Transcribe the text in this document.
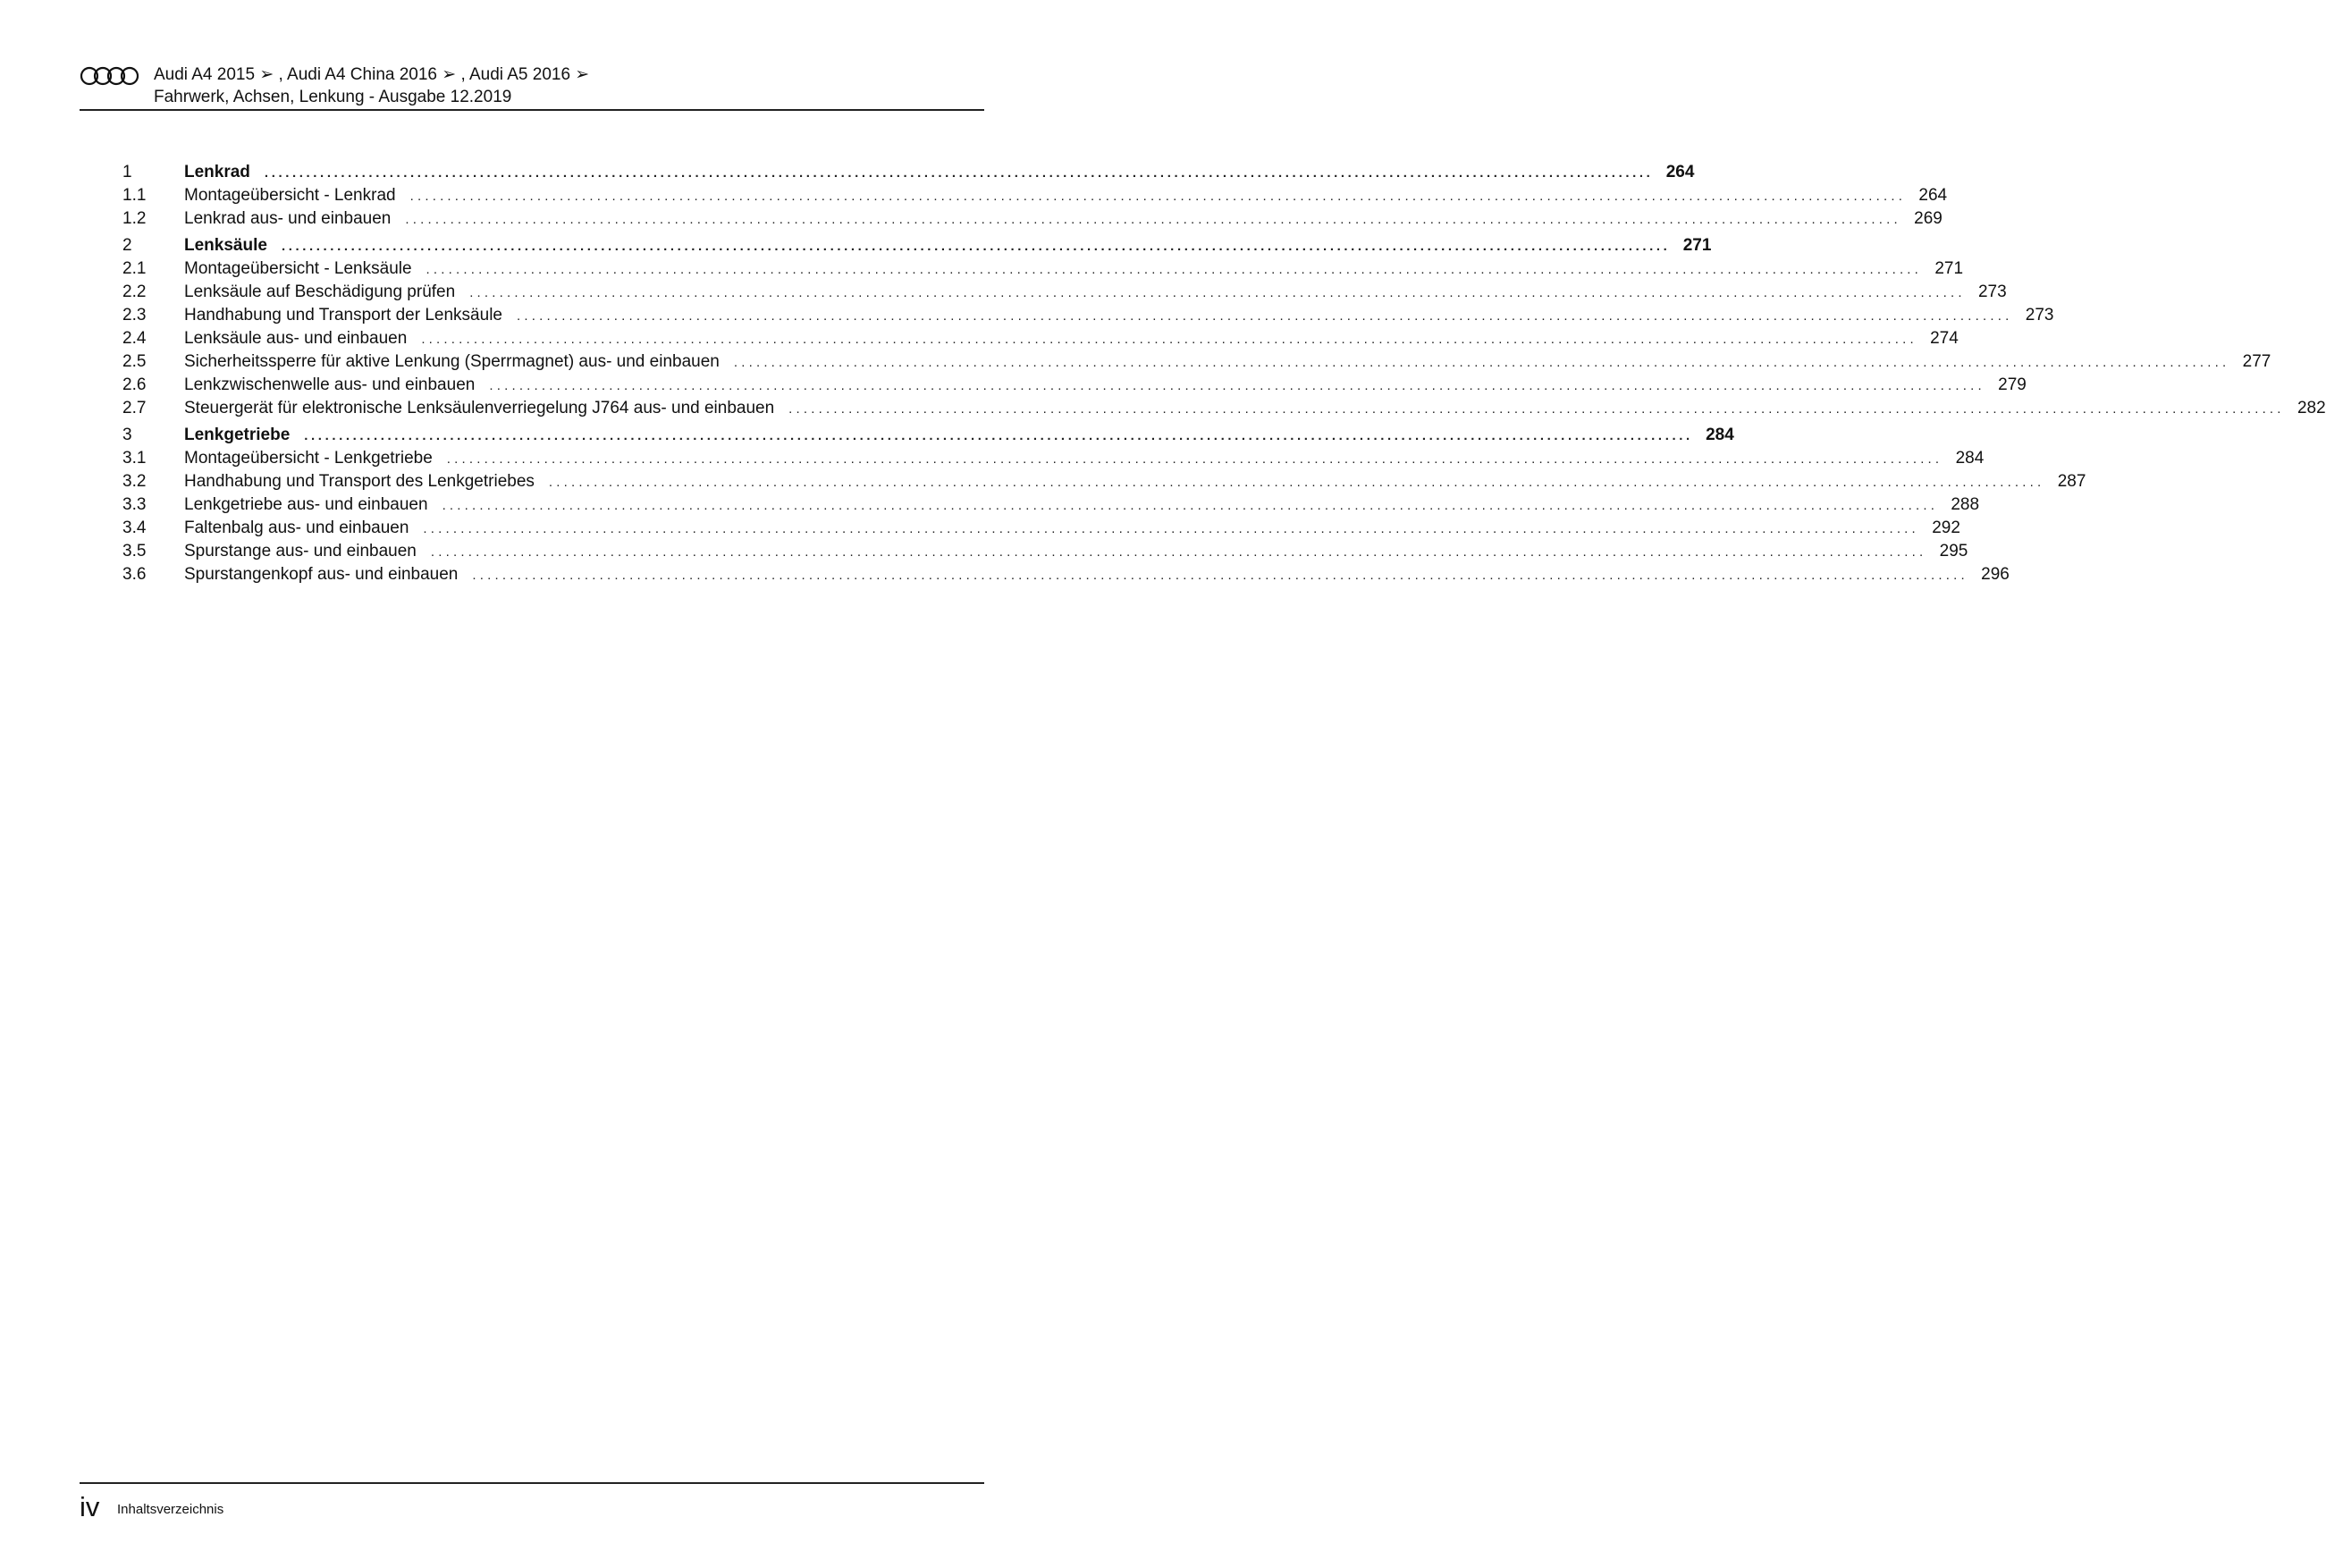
Audi A4 2015 ➢ , Audi A4 China 2016 ➢ , Audi A5 2016 ➢
Fahrwerk, Achsen, Lenkung - Ausgabe 12.2019
1	Lenkrad	........................................................................................................................................................................................................ 264
1.1	Montageübersicht - Lenkrad	........................................................................................................................................................................................................ 264
1.2	Lenkrad aus- und einbauen	........................................................................................................................................................................................................ 269
2	Lenksäule	........................................................................................................................................................................................................ 271
2.1	Montageübersicht - Lenksäule	........................................................................................................................................................................................................ 271
2.2	Lenksäule auf Beschädigung prüfen	........................................................................................................................................................................................................ 273
2.3	Handhabung und Transport der Lenksäule	........................................................................................................................................................................................................ 273
2.4	Lenksäule aus- und einbauen	........................................................................................................................................................................................................ 274
2.5	Sicherheitssperre für aktive Lenkung (Sperrmagnet) aus- und einbauen	........................................................................................................................................................................................................ 277
2.6	Lenkzwischenwelle aus- und einbauen	........................................................................................................................................................................................................ 279
2.7	Steuergerät für elektronische Lenksäulenverriegelung J764 aus- und einbauen	........................................................................................................................................................................................................ 282
3	Lenkgetriebe	........................................................................................................................................................................................................ 284
3.1	Montageübersicht - Lenkgetriebe	........................................................................................................................................................................................................ 284
3.2	Handhabung und Transport des Lenkgetriebes	........................................................................................................................................................................................................ 287
3.3	Lenkgetriebe aus- und einbauen	........................................................................................................................................................................................................ 288
3.4	Faltenbalg aus- und einbauen	........................................................................................................................................................................................................ 292
3.5	Spurstange aus- und einbauen	........................................................................................................................................................................................................ 295
3.6	Spurstangenkopf aus- und einbauen	........................................................................................................................................................................................................ 296
iv Inhaltsverzeichnis
